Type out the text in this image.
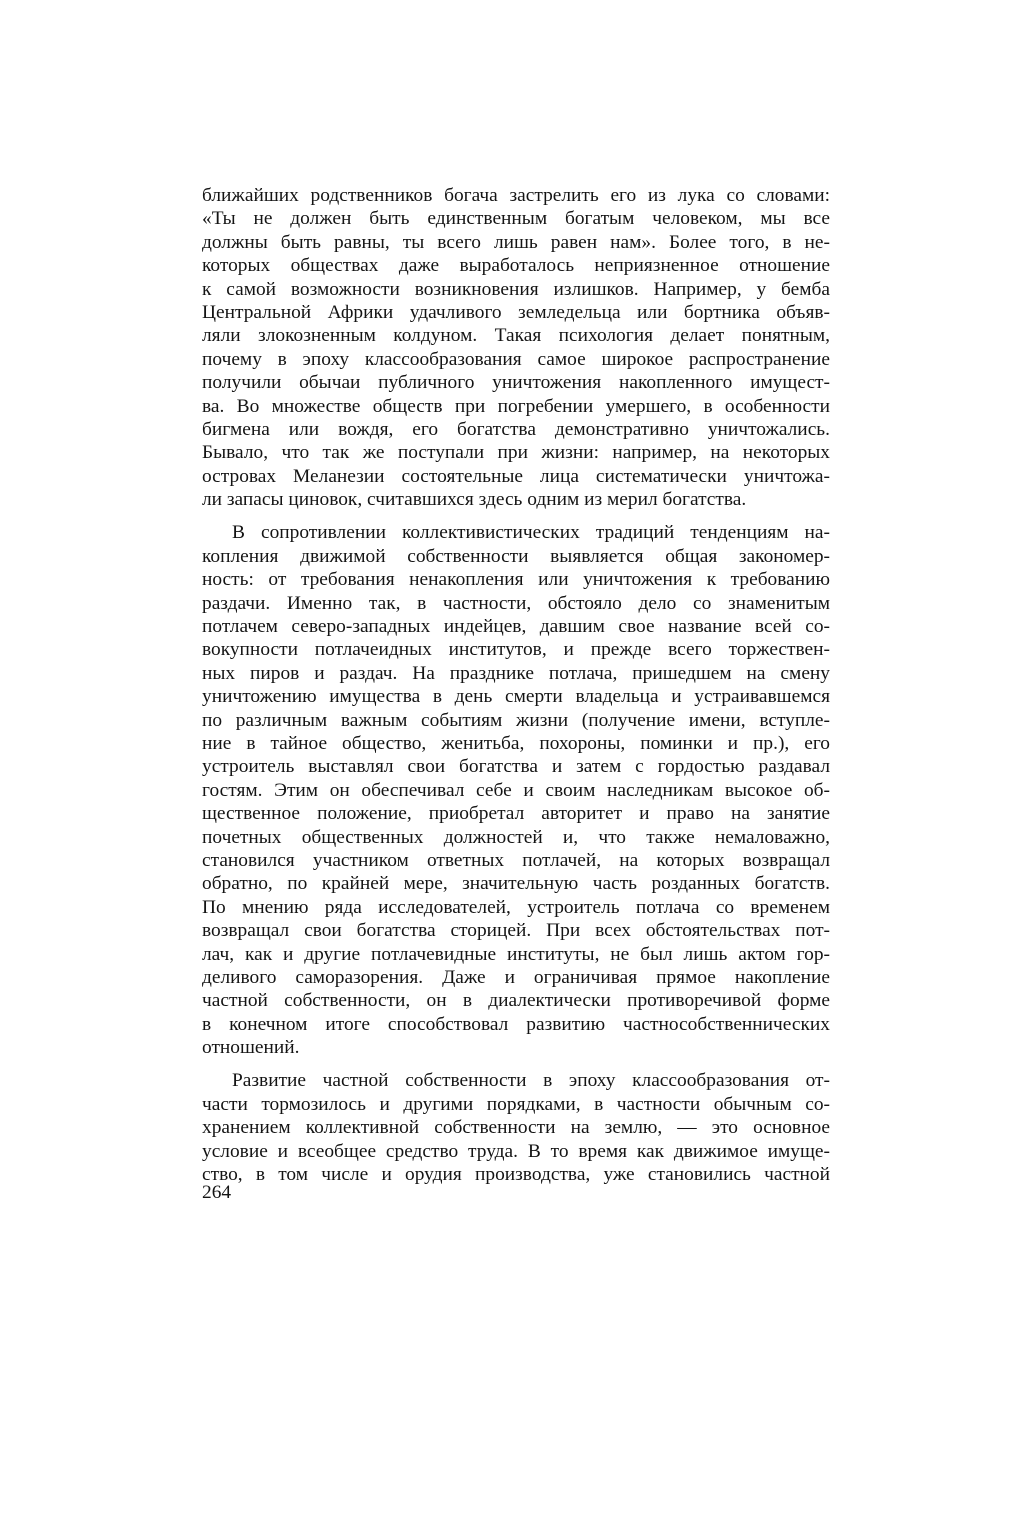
ближайших родственников богача застрелить его из лука со словами:
«Ты не должен быть единственным богатым человеком, мы все
должны быть равны, ты всего лишь равен нам». Более того, в не-
которых обществах даже выработалось неприязненное отношение
к самой возможности возникновения излишков. Например, у бемба
Центральной Африки удачливого земледельца или бортника объяв-
ляли злокозненным колдуном. Такая психология делает понятным,
почему в эпоху классообразования самое широкое распространение
получили обычаи публичного уничтожения накопленного имущест-
ва. Во множестве обществ при погребении умершего, в особенности
бигмена или вождя, его богатства демонстративно уничтожались.
Бывало, что так же поступали при жизни: например, на некоторых
островах Меланезии состоятельные лица систематически уничтожа-
ли запасы циновок, считавшихся здесь одним из мерил богатства.
В сопротивлении коллективистических традиций тенденциям на-
копления движимой собственности выявляется общая закономер-
ность: от требования ненакопления или уничтожения к требованию
раздачи. Именно так, в частности, обстояло дело со знаменитым
потлачем северо-западных индейцев, давшим свое название всей со-
вокупности потлачеидных институтов, и прежде всего торжествен-
ных пиров и раздач. На празднике потлача, пришедшем на смену
уничтожению имущества в день смерти владельца и устраивавшемся
по различным важным событиям жизни (получение имени, вступле-
ние в тайное общество, женитьба, похороны, поминки и пр.), его
устроитель выставлял свои богатства и затем с гордостью раздавал
гостям. Этим он обеспечивал себе и своим наследникам высокое об-
щественное положение, приобретал авторитет и право на занятие
почетных общественных должностей и, что также немаловажно,
становился участником ответных потлачей, на которых возвращал
обратно, по крайней мере, значительную часть розданных богатств.
По мнению ряда исследователей, устроитель потлача со временем
возвращал свои богатства сторицей. При всех обстоятельствах пот-
лач, как и другие потлачевидные институты, не был лишь актом гор-
деливого саморазорения. Даже и ограничивая прямое накопление
частной собственности, он в диалектически противоречивой форме
в конечном итоге способствовал развитию частнособственнических
отношений.
Развитие частной собственности в эпоху классообразования от-
части тормозилось и другими порядками, в частности обычным со-
хранением коллективной собственности на землю, — это основное
условие и всеобщее средство труда. В то время как движимое имуще-
ство, в том числе и орудия производства, уже становились частной
264
